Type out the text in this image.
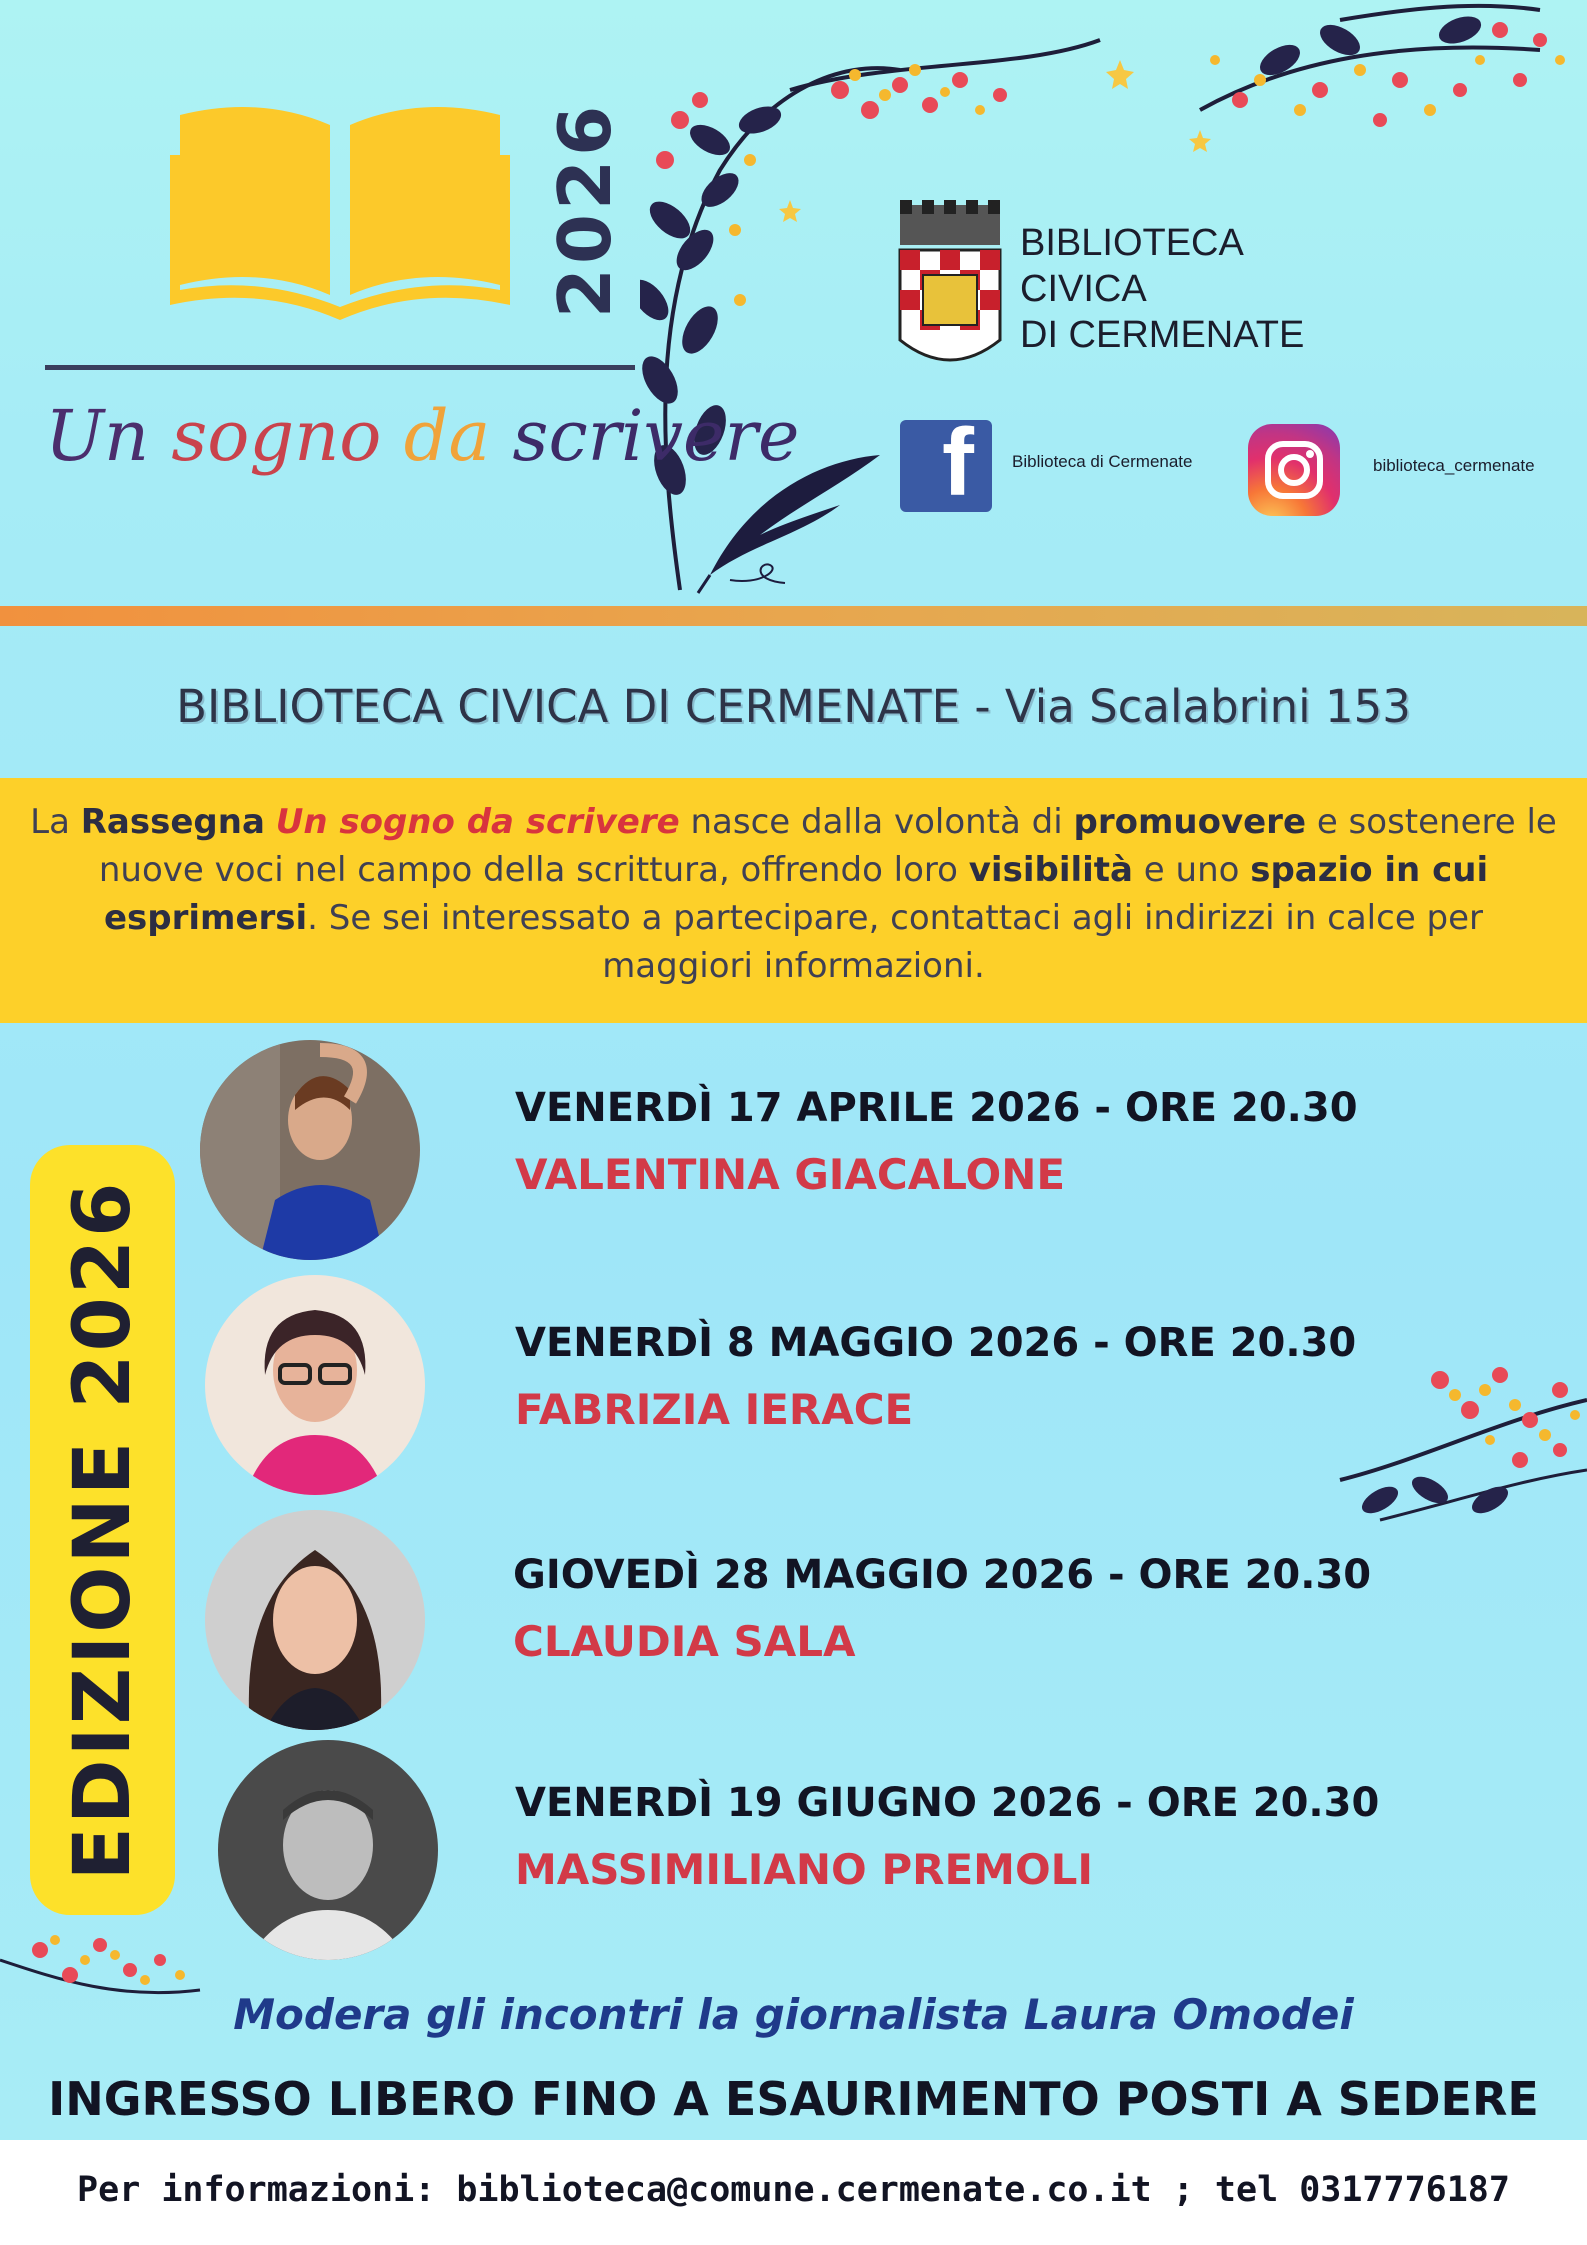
2026
Un sogno da scrivere
BIBLIOTECA
CIVICA
DI CERMENATE
f Biblioteca di Cermenate	biblioteca_cermenate
BIBLIOTECA CIVICA DI CERMENATE - Via Scalabrini 153

La Rassegna Un sogno da scrivere nasce dalla volontà di promuovere e sostenere le nuove voci nel campo della scrittura, offrendo loro visibilità e uno spazio in cui esprimersi. Se sei interessato a partecipare, contattaci agli indirizzi in calce per maggiori informazioni.

EDIZIONE 2026
VENERDÌ 17 APRILE 2026 - ORE 20.30
VALENTINA GIACALONE
VENERDÌ 8 MAGGIO 2026 - ORE 20.30
FABRIZIA IERACE
GIOVEDÌ 28 MAGGIO 2026 - ORE 20.30
CLAUDIA SALA
VENERDÌ 19 GIUGNO 2026 - ORE 20.30
MASSIMILIANO PREMOLI
Modera gli incontri la giornalista Laura Omodei
INGRESSO LIBERO FINO A ESAURIMENTO POSTI A SEDERE
Per informazioni: biblioteca@comune.cermenate.co.it ; tel 0317776187
